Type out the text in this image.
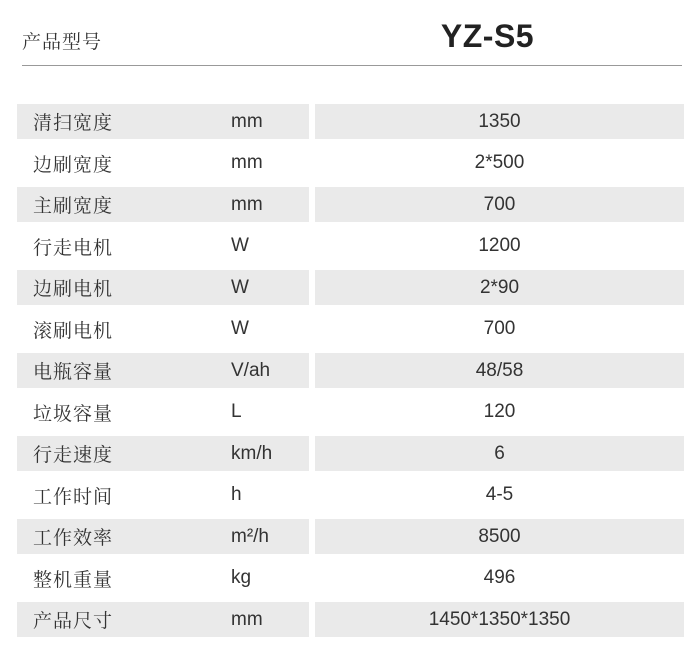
产品型号	YZ-S5
清扫宽度	mm	1350
边刷宽度	mm	2*500
主刷宽度	mm	700
行走电机	W	1200
边刷电机	W	2*90
滚刷电机	W	700
电瓶容量	V/ah	48/58
垃圾容量	L	120
行走速度	km/h	6
工作时间	h	4-5
工作效率	m²/h	8500
整机重量	kg	496
产品尺寸	mm	1450*1350*1350
